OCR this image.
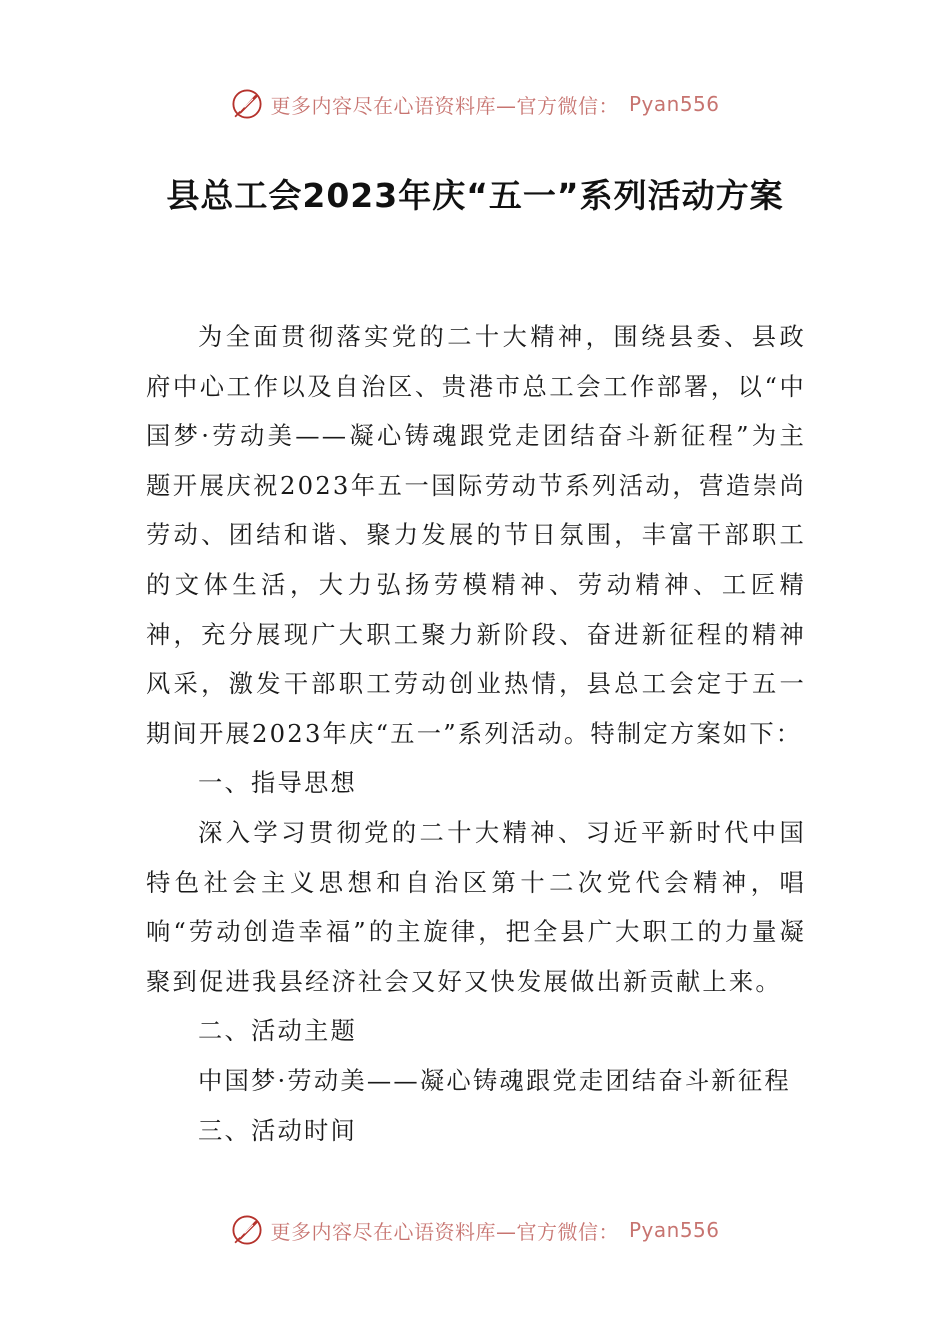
更多内容尽在心语资料库—官方微信： Pyan556
县总工会2023年庆“五一”系列活动方案

为全面贯彻落实党的二十大精神，围绕县委、县政府中心工作以及自治区、贵港市总工会工作部署，以“中国梦·劳动美——凝心铸魂跟党走团结奋斗新征程”为主题开展庆祝2023年五一国际劳动节系列活动，营造崇尚劳动、团结和谐、聚力发展的节日氛围，丰富干部职工的文体生活，大力弘扬劳模精神、劳动精神、工匠精神，充分展现广大职工聚力新阶段、奋进新征程的精神风采，激发干部职工劳动创业热情，县总工会定于五一期间开展2023年庆“五一”系列活动。特制定方案如下：

一、指导思想

深入学习贯彻党的二十大精神、习近平新时代中国特色社会主义思想和自治区第十二次党代会精神，唱响“劳动创造幸福”的主旋律，把全县广大职工的力量凝聚到促进我县经济社会又好又快发展做出新贡献上来。

二、活动主题

中国梦·劳动美——凝心铸魂跟党走团结奋斗新征程

三、活动时间

更多内容尽在心语资料库—官方微信： Pyan556
